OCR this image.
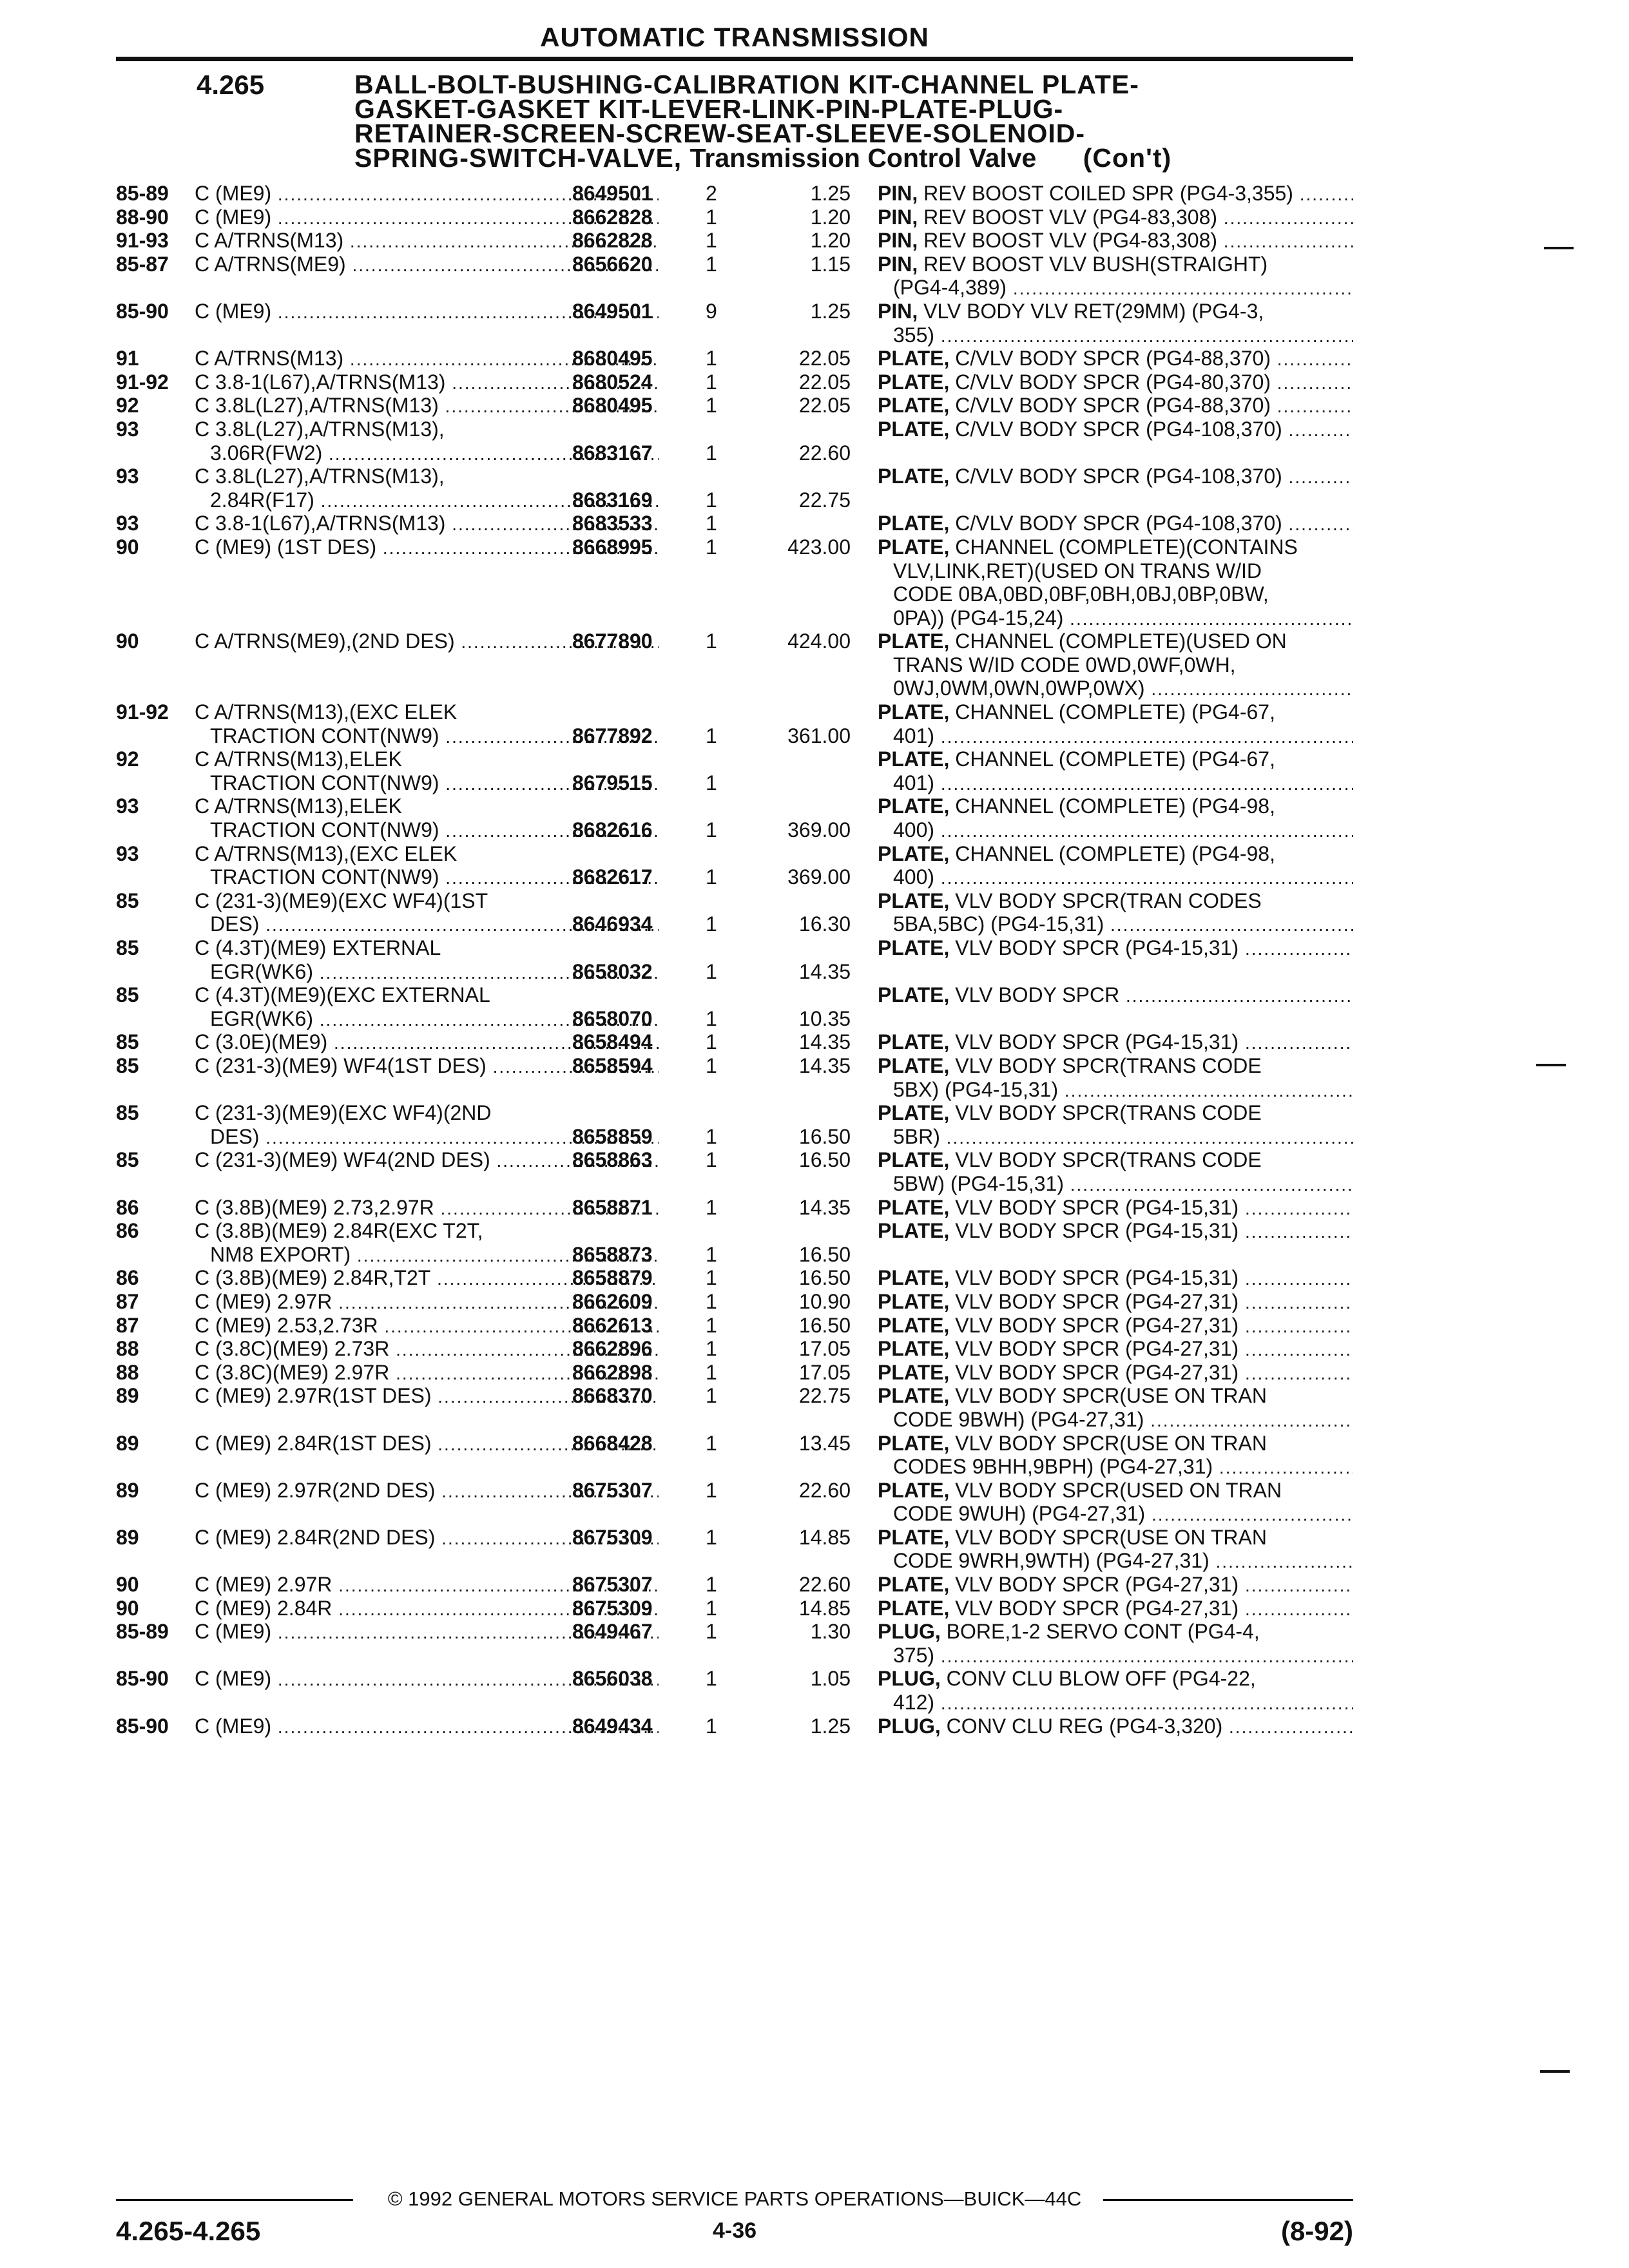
AUTOMATIC TRANSMISSION
4.265	BALL-BOLT-BUSHING-CALIBRATION KIT-CHANNEL PLATE-
GASKET-GASKET KIT-LEVER-LINK-PIN-PLATE-PLUG-
RETAINER-SCREEN-SCREW-SEAT-SLEEVE-SOLENOID-
SPRING-SWITCH-VALVE, Transmission Control Valve (Con't)
85-89 C (ME9) .....	8649501	2	1.25 PIN, REV BOOST COILED SPR (PG4-3,355) .....
88-90 C (ME9) .....	8662828	1	1.20 PIN, REV BOOST VLV (PG4-83,308) .....
91-93 C A/TRNS(M13) .....	8662828	1	1.20 PIN, REV BOOST VLV (PG4-83,308) .....
85-87 C A/TRNS(ME9) .....	8656620	1	1.15 PIN, REV BOOST VLV BUSH(STRAIGHT)
(PG4-4,389) .....
85-90 C (ME9) .....	8649501	9	1.25 PIN, VLV BODY VLV RET(29MM) (PG4-3,
355) .....
91	C A/TRNS(M13) .....	8680495	1	22.05 PLATE, C/VLV BODY SPCR (PG4-88,370) .....
91-92 C 3.8-1(L67),A/TRNS(M13) .....	8680524	1	22.05 PLATE, C/VLV BODY SPCR (PG4-80,370) .....
92	C 3.8L(L27),A/TRNS(M13) .....	8680495	1	22.05 PLATE, C/VLV BODY SPCR (PG4-88,370) .....
93	C 3.8L(L27),A/TRNS(M13),
3.06R(FW2) .....	8683167	1	22.60
PLATE, C/VLV BODY SPCR (PG4-108,370) .....
93	C 3.8L(L27),A/TRNS(M13),
2.84R(F17) .....	8683169	1	22.75
PLATE, C/VLV BODY SPCR (PG4-108,370) .....
93	C 3.8-1(L67),A/TRNS(M13) .....	8683533	1	PLATE, C/VLV BODY SPCR (PG4-108,370) .....
90	C (ME9) (1ST DES) .....	8668995	1	423.00 PLATE, CHANNEL (COMPLETE)(CONTAINS
VLV,LINK,RET)(USED ON TRANS W/ID
CODE 0BA,0BD,0BF,0BH,0BJ,0BP,0BW,
0PA)) (PG4-15,24) .....
90	C A/TRNS(ME9),(2ND DES) .....	8677890	1	424.00 PLATE, CHANNEL (COMPLETE)(USED ON
TRANS W/ID CODE 0WD,0WF,0WH,
0WJ,0WM,0WN,0WP,0WX) .....
91-92 C A/TRNS(M13),(EXC ELEK
TRACTION CONT(NW9) .....	8677892	1	361.00
PLATE, CHANNEL (COMPLETE) (PG4-67,
401) .....
92	C A/TRNS(M13),ELEK
TRACTION CONT(NW9) .....	8679515	1
PLATE, CHANNEL (COMPLETE) (PG4-67,
401) .....
93	C A/TRNS(M13),ELEK
TRACTION CONT(NW9) .....	8682616	1	369.00
PLATE, CHANNEL (COMPLETE) (PG4-98,
400) .....
93	C A/TRNS(M13),(EXC ELEK
TRACTION CONT(NW9) .....	8682617	1	369.00
PLATE, CHANNEL (COMPLETE) (PG4-98,
400) .....
85	C (231-3)(ME9)(EXC WF4)(1ST
DES) .....	8646934	1	16.30
PLATE, VLV BODY SPCR(TRAN CODES
5BA,5BC) (PG4-15,31) .....
85	C (4.3T)(ME9) EXTERNAL
EGR(WK6) .....	8658032	1	14.35
PLATE, VLV BODY SPCR (PG4-15,31) .....
85	C (4.3T)(ME9)(EXC EXTERNAL
EGR(WK6) .....	8658070	1	10.35
PLATE, VLV BODY SPCR .....
85	C (3.0E)(ME9) .....	8658494	1	14.35 PLATE, VLV BODY SPCR (PG4-15,31) .....
85	C (231-3)(ME9) WF4(1ST DES) .....	8658594	1	14.35 PLATE, VLV BODY SPCR(TRANS CODE
5BX) (PG4-15,31) .....
85	C (231-3)(ME9)(EXC WF4)(2ND
DES) .....	8658859	1	16.50
PLATE, VLV BODY SPCR(TRANS CODE
5BR) .....
85	C (231-3)(ME9) WF4(2ND DES) .....	8658863	1	16.50 PLATE, VLV BODY SPCR(TRANS CODE
5BW) (PG4-15,31) .....
86	C (3.8B)(ME9) 2.73,2.97R .....	8658871	1	14.35 PLATE, VLV BODY SPCR (PG4-15,31) .....
86	C (3.8B)(ME9) 2.84R(EXC T2T,
NM8 EXPORT) .....	8658873	1	16.50
PLATE, VLV BODY SPCR (PG4-15,31) .....
86	C (3.8B)(ME9) 2.84R,T2T .....	8658879	1	16.50 PLATE, VLV BODY SPCR (PG4-15,31) .....
87	C (ME9) 2.97R .....	8662609	1	10.90 PLATE, VLV BODY SPCR (PG4-27,31) .....
87	C (ME9) 2.53,2.73R .....	8662613	1	16.50 PLATE, VLV BODY SPCR (PG4-27,31) .....
88	C (3.8C)(ME9) 2.73R .....	8662896	1	17.05 PLATE, VLV BODY SPCR (PG4-27,31) .....
88	C (3.8C)(ME9) 2.97R .....	8662898	1	17.05 PLATE, VLV BODY SPCR (PG4-27,31) .....
89	C (ME9) 2.97R(1ST DES) .....	8668370	1	22.75 PLATE, VLV BODY SPCR(USE ON TRAN
CODE 9BWH) (PG4-27,31) .....
89	C (ME9) 2.84R(1ST DES) .....	8668428	1	13.45 PLATE, VLV BODY SPCR(USE ON TRAN
CODES 9BHH,9BPH) (PG4-27,31) .....
89	C (ME9) 2.97R(2ND DES) .....	8675307	1	22.60 PLATE, VLV BODY SPCR(USED ON TRAN
CODE 9WUH) (PG4-27,31) .....
89	C (ME9) 2.84R(2ND DES) .....	8675309	1	14.85 PLATE, VLV BODY SPCR(USE ON TRAN
CODE 9WRH,9WTH) (PG4-27,31) .....
90	C (ME9) 2.97R .....	8675307	1	22.60 PLATE, VLV BODY SPCR (PG4-27,31) .....
90	C (ME9) 2.84R .....	8675309	1	14.85 PLATE, VLV BODY SPCR (PG4-27,31) .....
85-89 C (ME9) .....	8649467	1	1.30 PLUG, BORE,1-2 SERVO CONT (PG4-4,
375) .....
85-90 C (ME9) .....	8656038	1	1.05 PLUG, CONV CLU BLOW OFF (PG4-22,
412) .....
85-90 C (ME9) .....	8649434	1	1.25 PLUG, CONV CLU REG (PG4-3,320) .....
© 1992 GENERAL MOTORS SERVICE PARTS OPERATIONS—BUICK—44C
4.265-4.265	4-36	(8-92)
